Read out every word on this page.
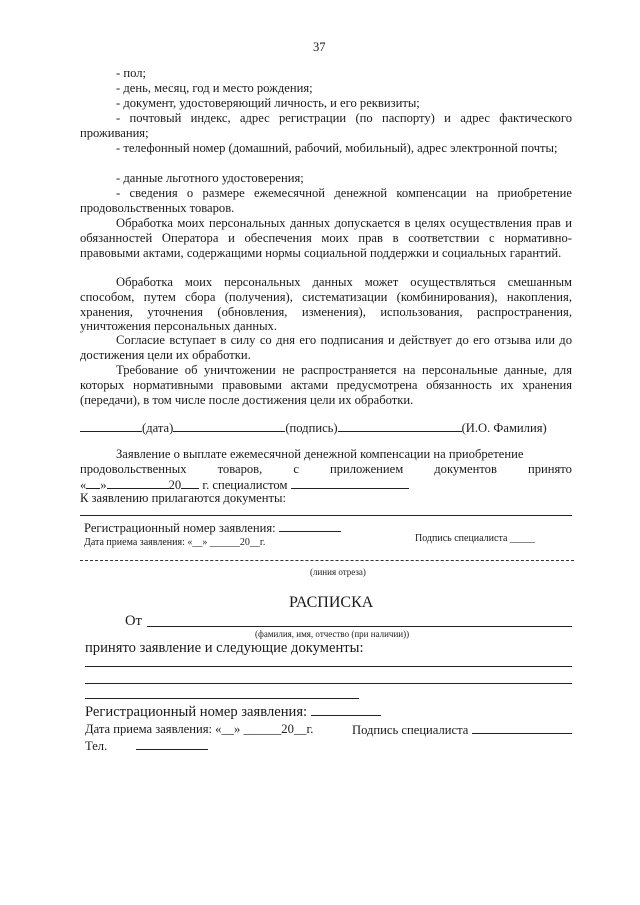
37
- пол;
- день, месяц, год и место рождения;
- документ, удостоверяющий личность, и его реквизиты;
- почтовый индекс, адрес регистрации (по паспорту) и адрес фактического проживания;
- телефонный номер (домашний, рабочий, мобильный), адрес электронной почты;
- данные льготного удостоверения;
- сведения о размере ежемесячной денежной компенсации на приобретение продовольственных товаров.
Обработка моих персональных данных допускается в целях осуществления прав и обязанностей Оператора и обеспечения моих прав в соответствии с нормативно-правовыми актами, содержащими нормы социальной поддержки и социальных гарантий.
Обработка моих персональных данных может осуществляться смешанным способом, путем сбора (получения), систематизации (комбинирования), накопления, хранения, уточнения (обновления, изменения), использования, распространения, уничтожения персональных данных.
Согласие вступает в силу со дня его подписания и действует до его отзыва или до достижения цели их обработки.
Требование об уничтожении не распространяется на персональные данные, для которых нормативными правовыми актами предусмотрена обязанность их хранения (передачи), в том числе после достижения цели их обработки.
(дата)	(подпись)	(И.О. Фамилия)
Заявление о выплате ежемесячной денежной компенсации на приобретение
продовольственных товаров, с приложением документов принято
« »	20 г. специалистом
К заявлению прилагаются документы:
Регистрационный номер заявления:
Дата приема заявления: «__» ______20__г.	Подпись специалиста _____
(линия отреза)
РАСПИСКА
От
(фамилия, имя, отчество (при наличии))
принято заявление и следующие документы:
Регистрационный номер заявления:
Дата приема заявления: «__» ______20__г.	Подпись специалиста
Тел.
